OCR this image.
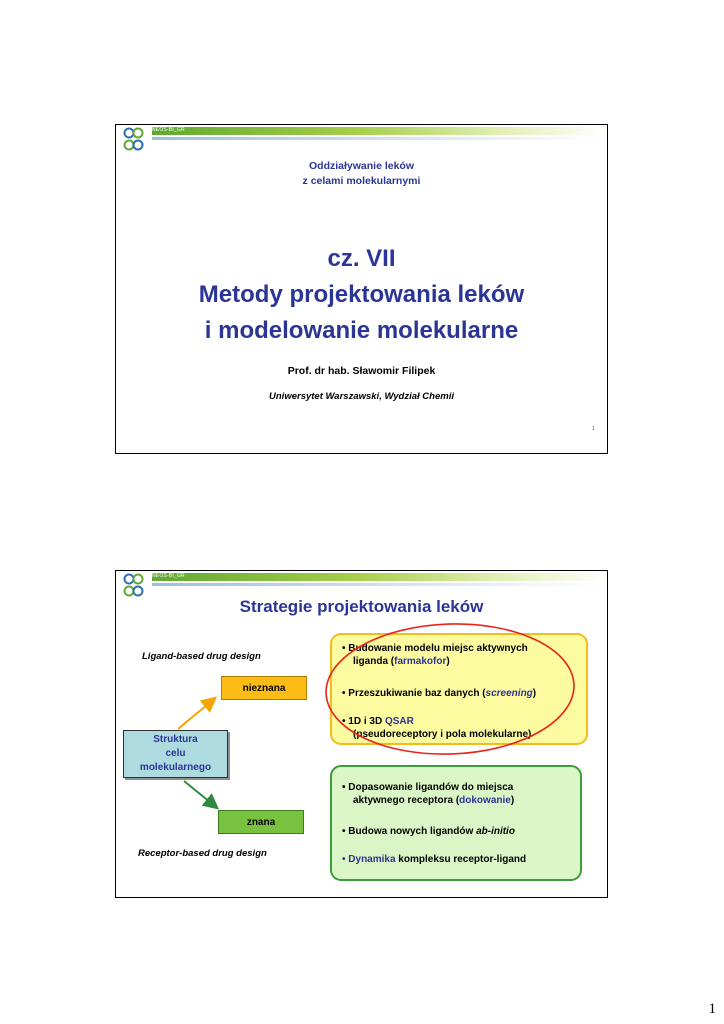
NEOS-BI_GR
Oddziaływanie leków
z celami molekularnymi
cz. VII
Metody projektowania leków
i modelowanie molekularne
Prof. dr hab. Sławomir Filipek
Uniwersytet Warszawski, Wydział Chemii
1
NEOS-BI_GR
Strategie projektowania leków
Ligand-based drug design
Receptor-based drug design
Struktura
celu
molekularnego
nieznana
znana
• Budowanie modelu miejsc aktywnych
liganda (farmakofor)
• Przeszukiwanie baz danych (screening)
• 1D i 3D QSAR
(pseudoreceptory i pola molekularne)
• Dopasowanie ligandów do miejsca
aktywnego receptora (dokowanie)
• Budowa nowych ligandów ab-initio
• Dynamika kompleksu receptor-ligand
1
